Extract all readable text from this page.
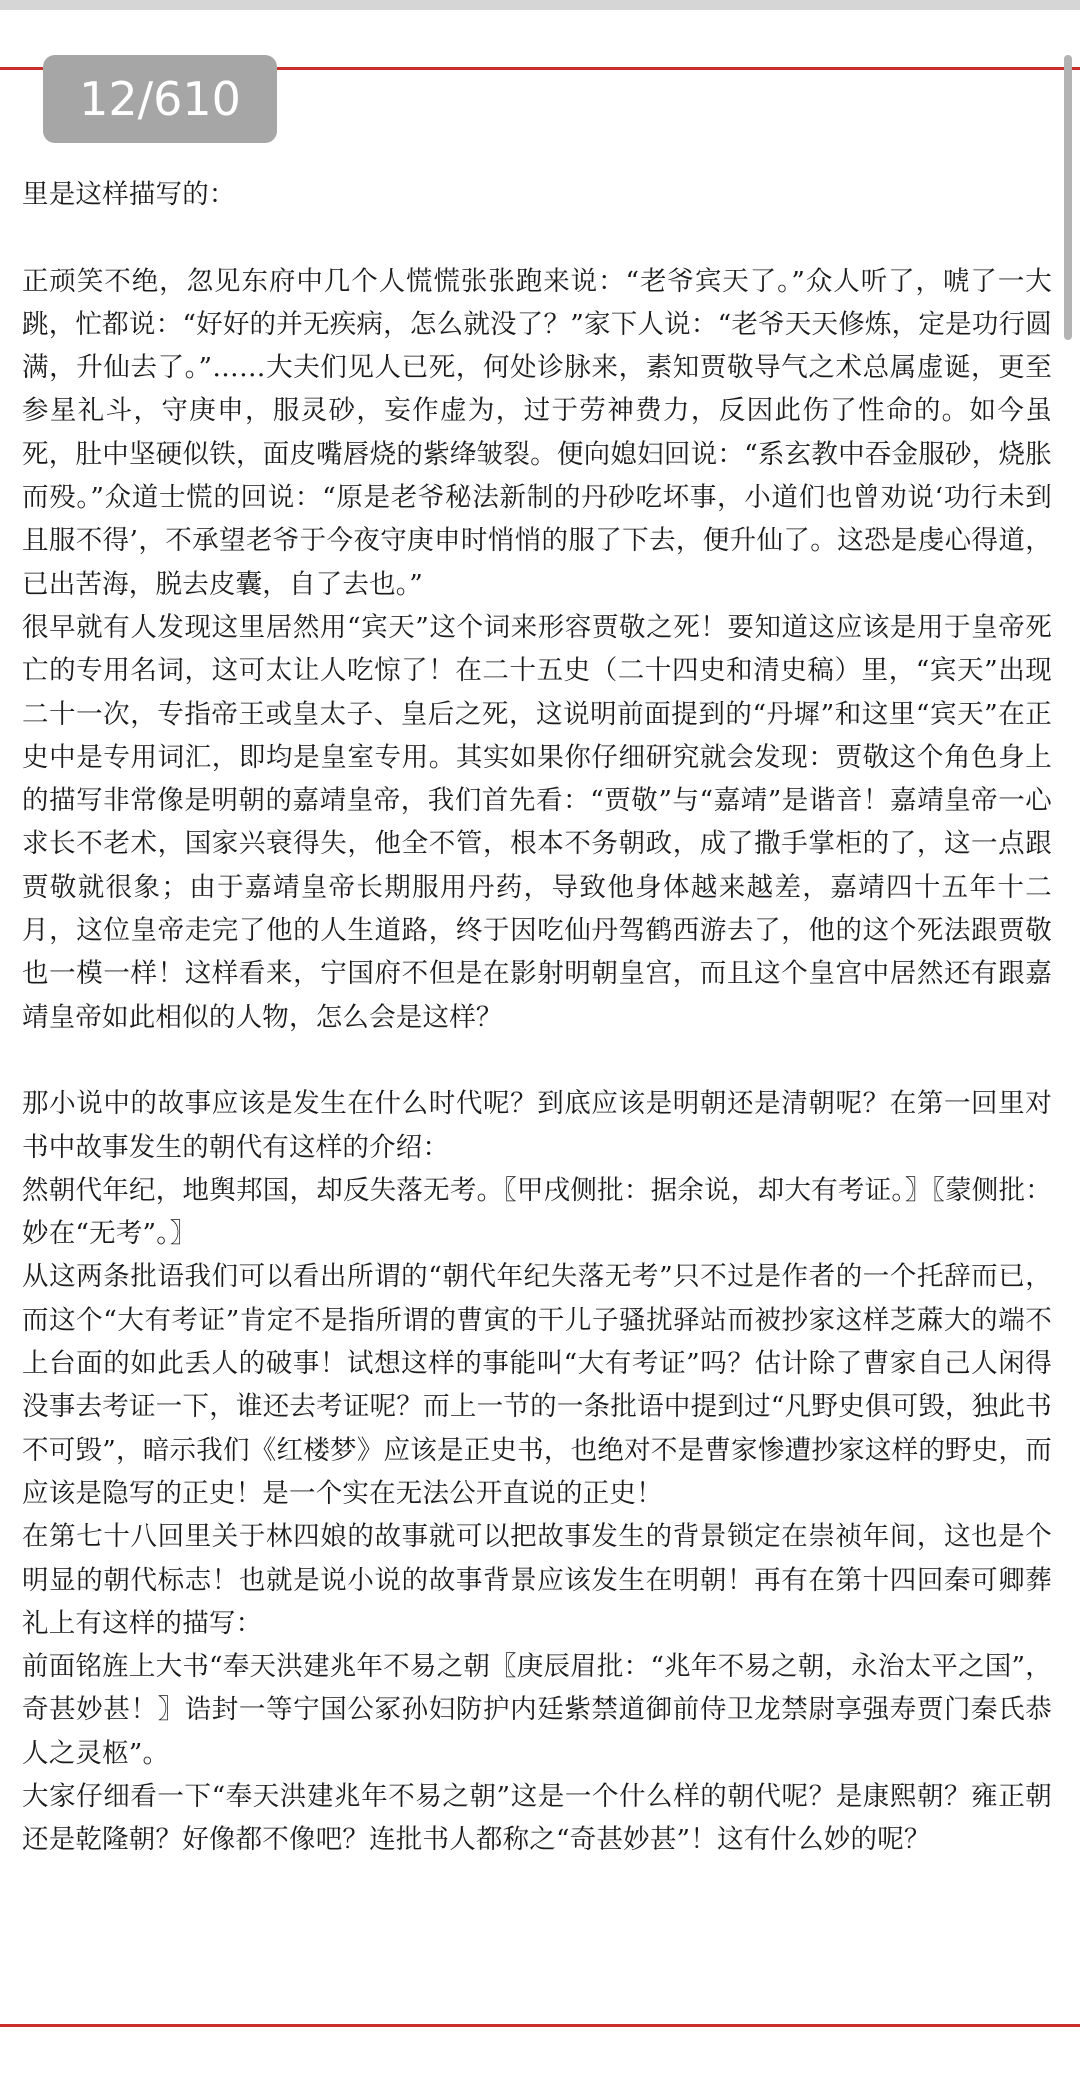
12/610

里是这样描写的：

正顽笑不绝，忽见东府中几个人慌慌张张跑来说：“老爷宾天了。”众人听了，唬了一大跳，忙都说：“好好的并无疾病，怎么就没了？”家下人说：“老爷天天修炼，定是功行圆满，升仙去了。”……大夫们见人已死，何处诊脉来，素知贾敬导气之术总属虚诞，更至参星礼斗，守庚申，服灵砂，妄作虚为，过于劳神费力，反因此伤了性命的。如今虽死，肚中坚硬似铁，面皮嘴唇烧的紫绛皱裂。便向媳妇回说：“系玄教中吞金服砂，烧胀而殁。”众道士慌的回说：“原是老爷秘法新制的丹砂吃坏事，小道们也曾劝说‘功行未到且服不得’，不承望老爷于今夜守庚申时悄悄的服了下去，便升仙了。这恐是虔心得道，已出苦海，脱去皮囊，自了去也。”

很早就有人发现这里居然用“宾天”这个词来形容贾敬之死！要知道这应该是用于皇帝死亡的专用名词，这可太让人吃惊了！在二十五史（二十四史和清史稿）里，“宾天”出现二十一次，专指帝王或皇太子、皇后之死，这说明前面提到的“丹墀”和这里“宾天”在正史中是专用词汇，即均是皇室专用。其实如果你仔细研究就会发现：贾敬这个角色身上的描写非常像是明朝的嘉靖皇帝，我们首先看：“贾敬”与“嘉靖”是谐音！嘉靖皇帝一心求长不老术，国家兴衰得失，他全不管，根本不务朝政，成了撒手掌柜的了，这一点跟贾敬就很象；由于嘉靖皇帝长期服用丹药，导致他身体越来越差，嘉靖四十五年十二月，这位皇帝走完了他的人生道路，终于因吃仙丹驾鹤西游去了，他的这个死法跟贾敬也一模一样！这样看来，宁国府不但是在影射明朝皇宫，而且这个皇宫中居然还有跟嘉靖皇帝如此相似的人物，怎么会是这样？

那小说中的故事应该是发生在什么时代呢？到底应该是明朝还是清朝呢？在第一回里对书中故事发生的朝代有这样的介绍：

然朝代年纪，地舆邦国，却反失落无考。〖甲戌侧批：据余说，却大有考证。〗〖蒙侧批：妙在“无考”。〗

从这两条批语我们可以看出所谓的“朝代年纪失落无考”只不过是作者的一个托辞而已，而这个“大有考证”肯定不是指所谓的曹寅的干儿子骚扰驿站而被抄家这样芝蔴大的端不上台面的如此丢人的破事！试想这样的事能叫“大有考证”吗？估计除了曹家自己人闲得没事去考证一下，谁还去考证呢？而上一节的一条批语中提到过“凡野史俱可毁，独此书不可毁”，暗示我们《红楼梦》应该是正史书，也绝对不是曹家惨遭抄家这样的野史，而应该是隐写的正史！是一个实在无法公开直说的正史！

在第七十八回里关于林四娘的故事就可以把故事发生的背景锁定在崇祯年间，这也是个明显的朝代标志！也就是说小说的故事背景应该发生在明朝！再有在第十四回秦可卿葬礼上有这样的描写：

前面铭旌上大书“奉天洪建兆年不易之朝〖庚辰眉批：“兆年不易之朝，永治太平之国”，奇甚妙甚！〗诰封一等宁国公冢孙妇防护内廷紫禁道御前侍卫龙禁尉享强寿贾门秦氏恭人之灵柩”。

大家仔细看一下“奉天洪建兆年不易之朝”这是一个什么样的朝代呢？是康熙朝？雍正朝还是乾隆朝？好像都不像吧？连批书人都称之“奇甚妙甚”！这有什么妙的呢？
